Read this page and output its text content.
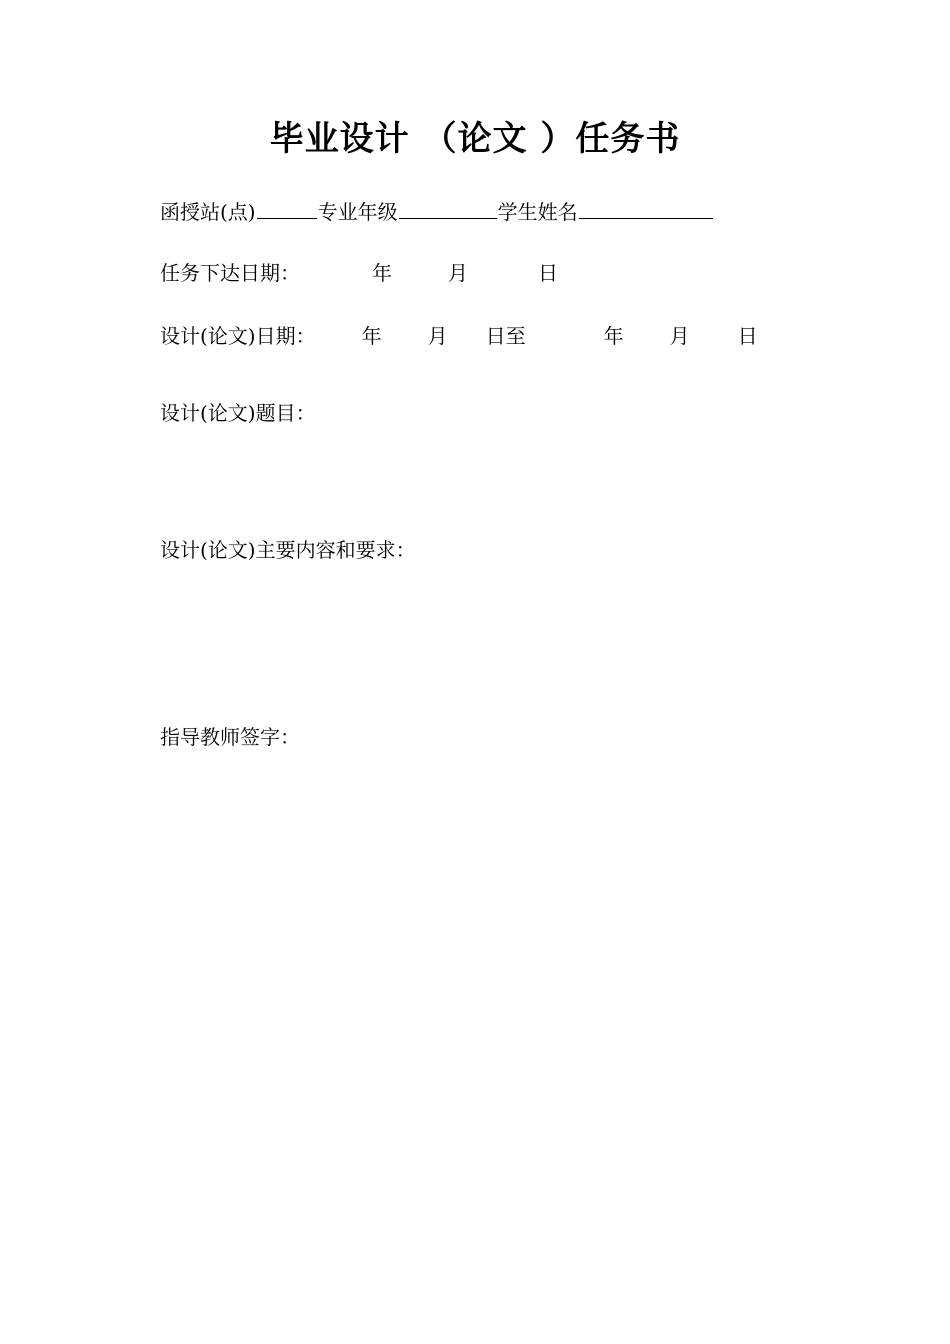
毕业设计 （论文 ）任务书
函授站(点)	专业年级	学生姓名
任务下达日期：	年	月	日
设计(论文)日期： 年 月 日至	年 月 日
设计(论文)题目：
设计(论文)主要内容和要求：
指导教师签字：
